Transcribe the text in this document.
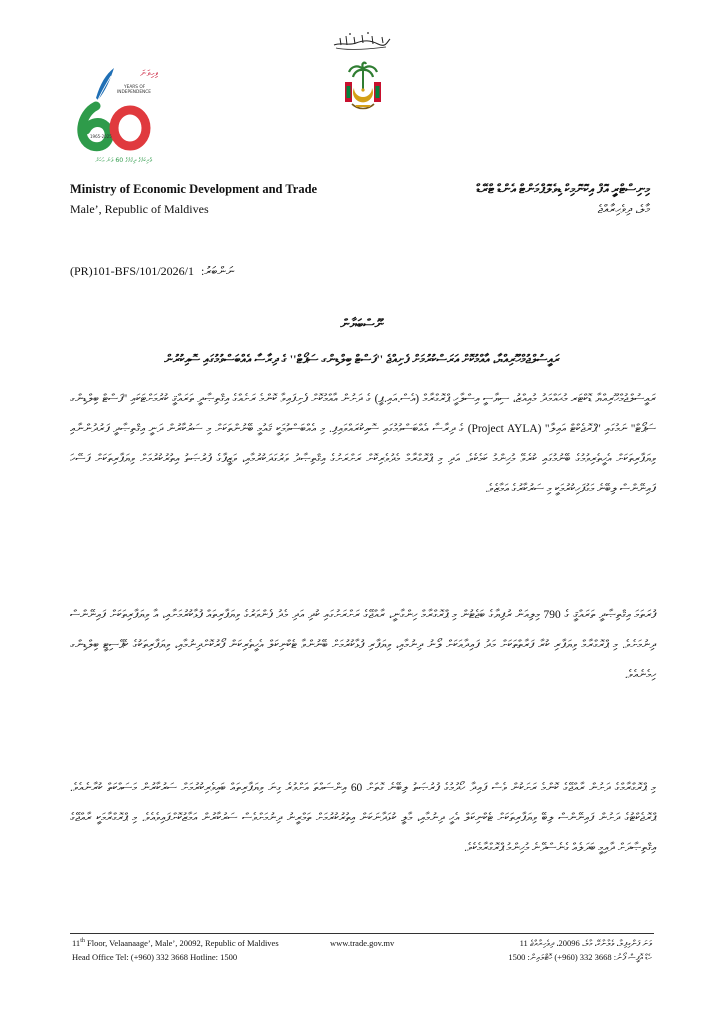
ވިހިވަނަ
YEARS OF
INDEPENDENCE
1965-2025
ވެރިކަމުގެ ދިގުމުގެ 60 ވަނަ އަހަރު
Ministry of Economic Development and Trade
Male’, Republic of Maldives
މިނިސްޓްރީ އޮފް އިކޮނޮމިކް ޑިވެލޮޕްމަންޓް އެންޑް ޓްރޭޑް
މާލެ، ދިވެހިރާއްޖެ
(PR)101-BFS/101/2026/1 ނަންބަރު:
ނޫސްބަޔާން
ރައީސުލްޖުމްހޫރިއްޔާ، އާއްމުކޮށް އަރަސްކުރުމަށް ފެށިއްޖެ ''ފަސްޓް ބިލްޑިންގ ސަޕޯޓް'' ގެ ދިރާސާ އެއްބަސްވުމުގައި ސޮއިކުރުން
ރައީސުލްޖުމްހޫރިއްޔާ ޑޮކްޓަރ މުޙައްމަދު މުއިއްޒު، ސިޔާސީ އިސްލާހީ ޕްރޮގްރާމް (އެސް.އައި.ޕީ) ގެ ދަށުން އާއްމުކޮށް ފެށިފައިވާ ކޮންމެ ރަށެއްގެ އިޤްތިޞާދީ ތަރައްޤީ ކުރުމަށްޓަކައި ''ފަސްޓް ބިލްޑިންގ ސަޕޯޓް'' ނަމުގައި ''ޕްރޮޖެކްޓް އައިލާ'' (Project AYLA) ގެ ދިރާސާ އެއްބަސްވުމުގައި ސޮއިކުރައްވައިފި. މި އެއްބަސްވުމަކީ ޤައުމީ ބޭނުންތަކަށް މި ސަރުކާރުން ދަނީ އިޤްތިޞާދީ ފަރުދުންނާއި ވިޔަފާރިތަކަށް އެހީތެރިވުމުގެ ބޭނުމުގައި ކުރެވޭ މުހިންމު ކަމެކެވެ. އަދި މި ޕްރޮގްރާމް މެދުވެރިކޮށް ރަށްރަށުގެ އިޤްތިޞާދު ވަރުގަދަކުރުމާއި، ވަޒީފާގެ ފުރުޞަތު އިތުރުކުރުމަށް ވިޔަފާރިތަކަށް ފަސޭހަ ފައިނޭންސް ލިބޭނެ މަގުފަހިކުރުމަކީ މި ސަރުކާރުގެ އަމާޒެވެ.
ފުރަތަމަ އިޤްތިޞާދީ ތަރައްޤީ ގެ 790 މިލިއަން ރުފިޔާގެ ބަޖެޓުން މި ޕްރޮގްރާމް ހިންގާނީ، ރާއްޖޭގެ ރަށްރަށުގައި ކުދި އަދި މެދު ފެންވަރުގެ ވިޔަފާރިތައް ފުޅާކުރުމަށާއި، އާ ވިޔަފާރިތަކަށް ފައިނޭންސް ދިނުމަށެވެ. މި ޕްރޮގްރާމް ވިޔަފާރި ކުރާ ފަރާތްތަކަށް މަދު ފައިދާއަކަށް ލޯނު ދިނުމާއި، ވިޔަފާރި ފުޅާކުރުމަށް ބޭނުންވާ ޓެކްނިކަލް އެހީތެރިކަން ފޯރުކޮށްދިނުމާއި، ވިޔަފާރިތަކުގެ ކެޕޭސިޓީ ބިލްޑިންގ ހިމެނެއެވެ.
މި ޕްރޮގްރާމްގެ ދަށުން ރާއްޖޭގެ ކޮންމެ ރަށަކުން ވެސް ފައިދާ ހޯދުމުގެ ފުރުޞަތު ލިބޭނެ ގޮތަށް 60 އިންސައްތަ އަށްވުރެ ގިނަ ވިޔަފާރިތައް ބައިވެރިކުރުމަށް ސަރުކާރުން މަސައްކަތް ކުރާނެއެވެ. ޕްރޮޖެކްޓުގެ ދަށުން ފައިނޭންސް ލިބޭ ވިޔަފާރިތަކަށް ޓެކްނިކަލް އެހީ ދިނުމާއި، މާލީ ކުޅަދާނަކަން އިތުރުކުރުމަށް ތަމްރީނު ދިނުމަށްވެސް ސަރުކާރުން އަމާޒުކޮށްފައިވެއެވެ. މި ޕްރޮގްރާމަކީ ރާއްޖޭގެ އިޤްތިޞާދަށް ދާއިމީ ބަދަލެއް ގެނެސްދޭނެ މުހިންމު ޕްރޮގްރާމެކެވެ.
11th Floor, Velaanaage’, Male’, 20092, Republic of Maldives
Head Office Tel: (+960) 332 3668 Hotline: 1500
www.trade.gov.mv	ވަނަ ފަންގިފިލާ، ވެލާނާގޭ، މާލެ، 20096، ދިވެހިރާއްޖެ 11
ހެޑް އޮފީސް ފޯނު: 3668 332 (960+) ހޮޓްލައިން: 1500
